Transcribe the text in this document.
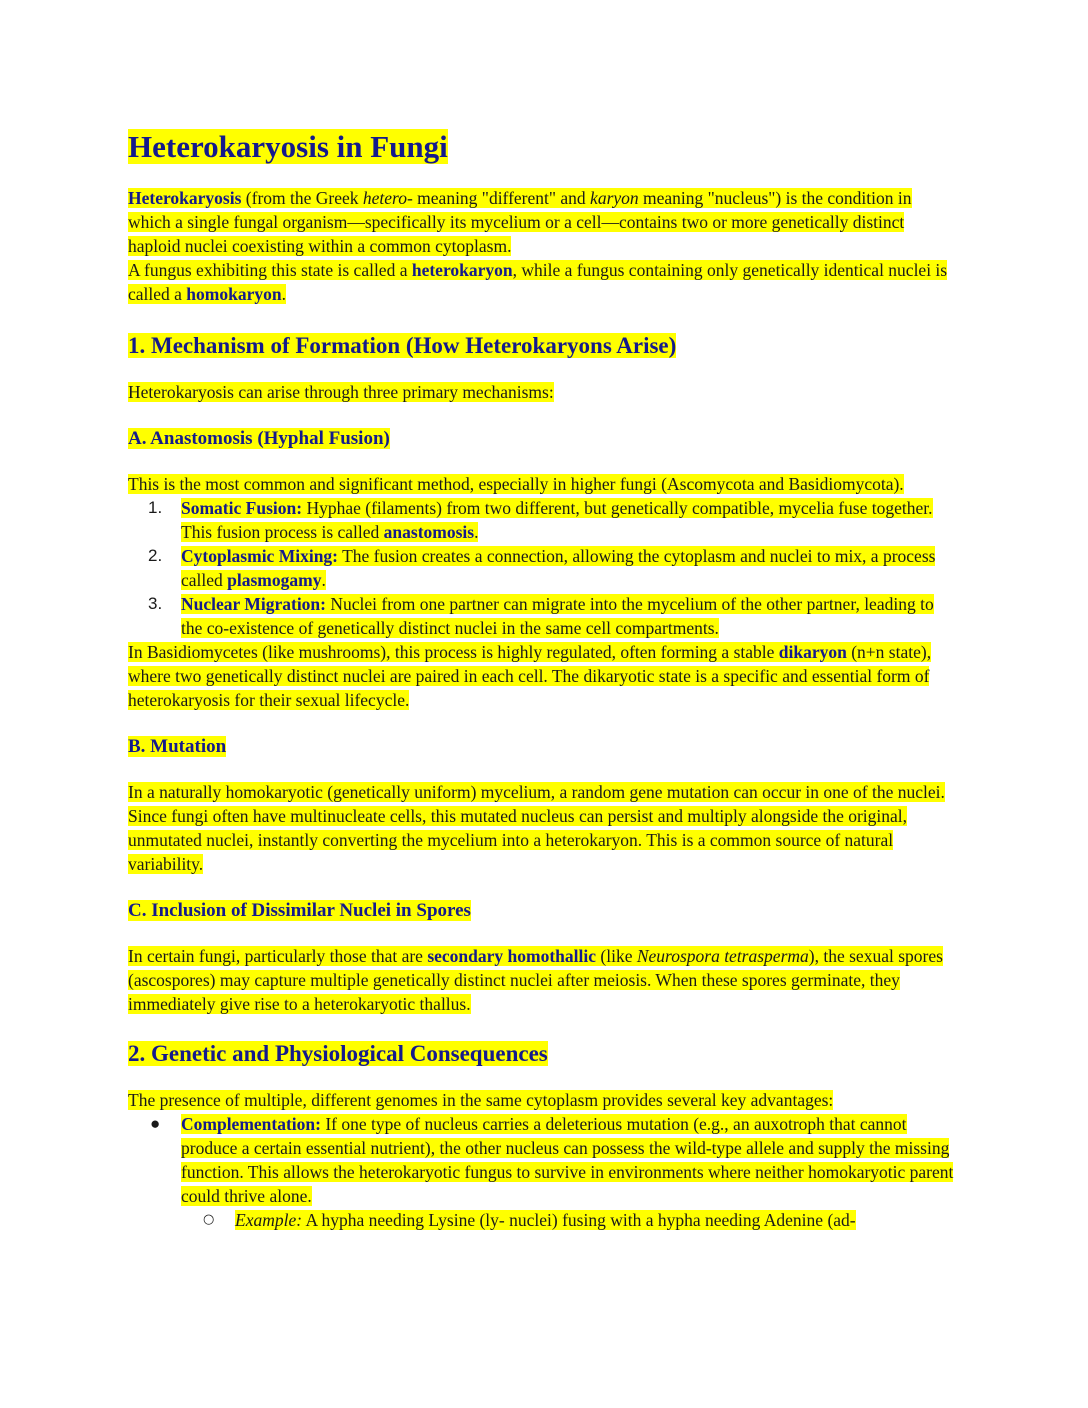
Heterokaryosis in Fungi

Heterokaryosis (from the Greek hetero- meaning "different" and karyon meaning "nucleus") is the condition in which a single fungal organism—specifically its mycelium or a cell—contains two or more genetically distinct haploid nuclei coexisting within a common cytoplasm.
A fungus exhibiting this state is called a heterokaryon, while a fungus containing only genetically identical nuclei is called a homokaryon.

1. Mechanism of Formation (How Heterokaryons Arise)

Heterokaryosis can arise through three primary mechanisms:

A. Anastomosis (Hyphal Fusion)

This is the most common and significant method, especially in higher fungi (Ascomycota and Basidiomycota).

1. Somatic Fusion: Hyphae (filaments) from two different, but genetically compatible, mycelia fuse together. This fusion process is called anastomosis.
2. Cytoplasmic Mixing: The fusion creates a connection, allowing the cytoplasm and nuclei to mix, a process called plasmogamy.
3. Nuclear Migration: Nuclei from one partner can migrate into the mycelium of the other partner, leading to the co-existence of genetically distinct nuclei in the same cell compartments.

In Basidiomycetes (like mushrooms), this process is highly regulated, often forming a stable dikaryon (n+n state), where two genetically distinct nuclei are paired in each cell. The dikaryotic state is a specific and essential form of heterokaryosis for their sexual lifecycle.

B. Mutation

In a naturally homokaryotic (genetically uniform) mycelium, a random gene mutation can occur in one of the nuclei. Since fungi often have multinucleate cells, this mutated nucleus can persist and multiply alongside the original, unmutated nuclei, instantly converting the mycelium into a heterokaryon. This is a common source of natural variability.

C. Inclusion of Dissimilar Nuclei in Spores

In certain fungi, particularly those that are secondary homothallic (like Neurospora tetrasperma), the sexual spores (ascospores) may capture multiple genetically distinct nuclei after meiosis. When these spores germinate, they immediately give rise to a heterokaryotic thallus.

2. Genetic and Physiological Consequences

The presence of multiple, different genomes in the same cytoplasm provides several key advantages:

● Complementation: If one type of nucleus carries a deleterious mutation (e.g., an auxotroph that cannot produce a certain essential nutrient), the other nucleus can possess the wild-type allele and supply the missing function. This allows the heterokaryotic fungus to survive in environments where neither homokaryotic parent could thrive alone.
○ Example: A hypha needing Lysine (ly- nuclei) fusing with a hypha needing Adenine (ad-
